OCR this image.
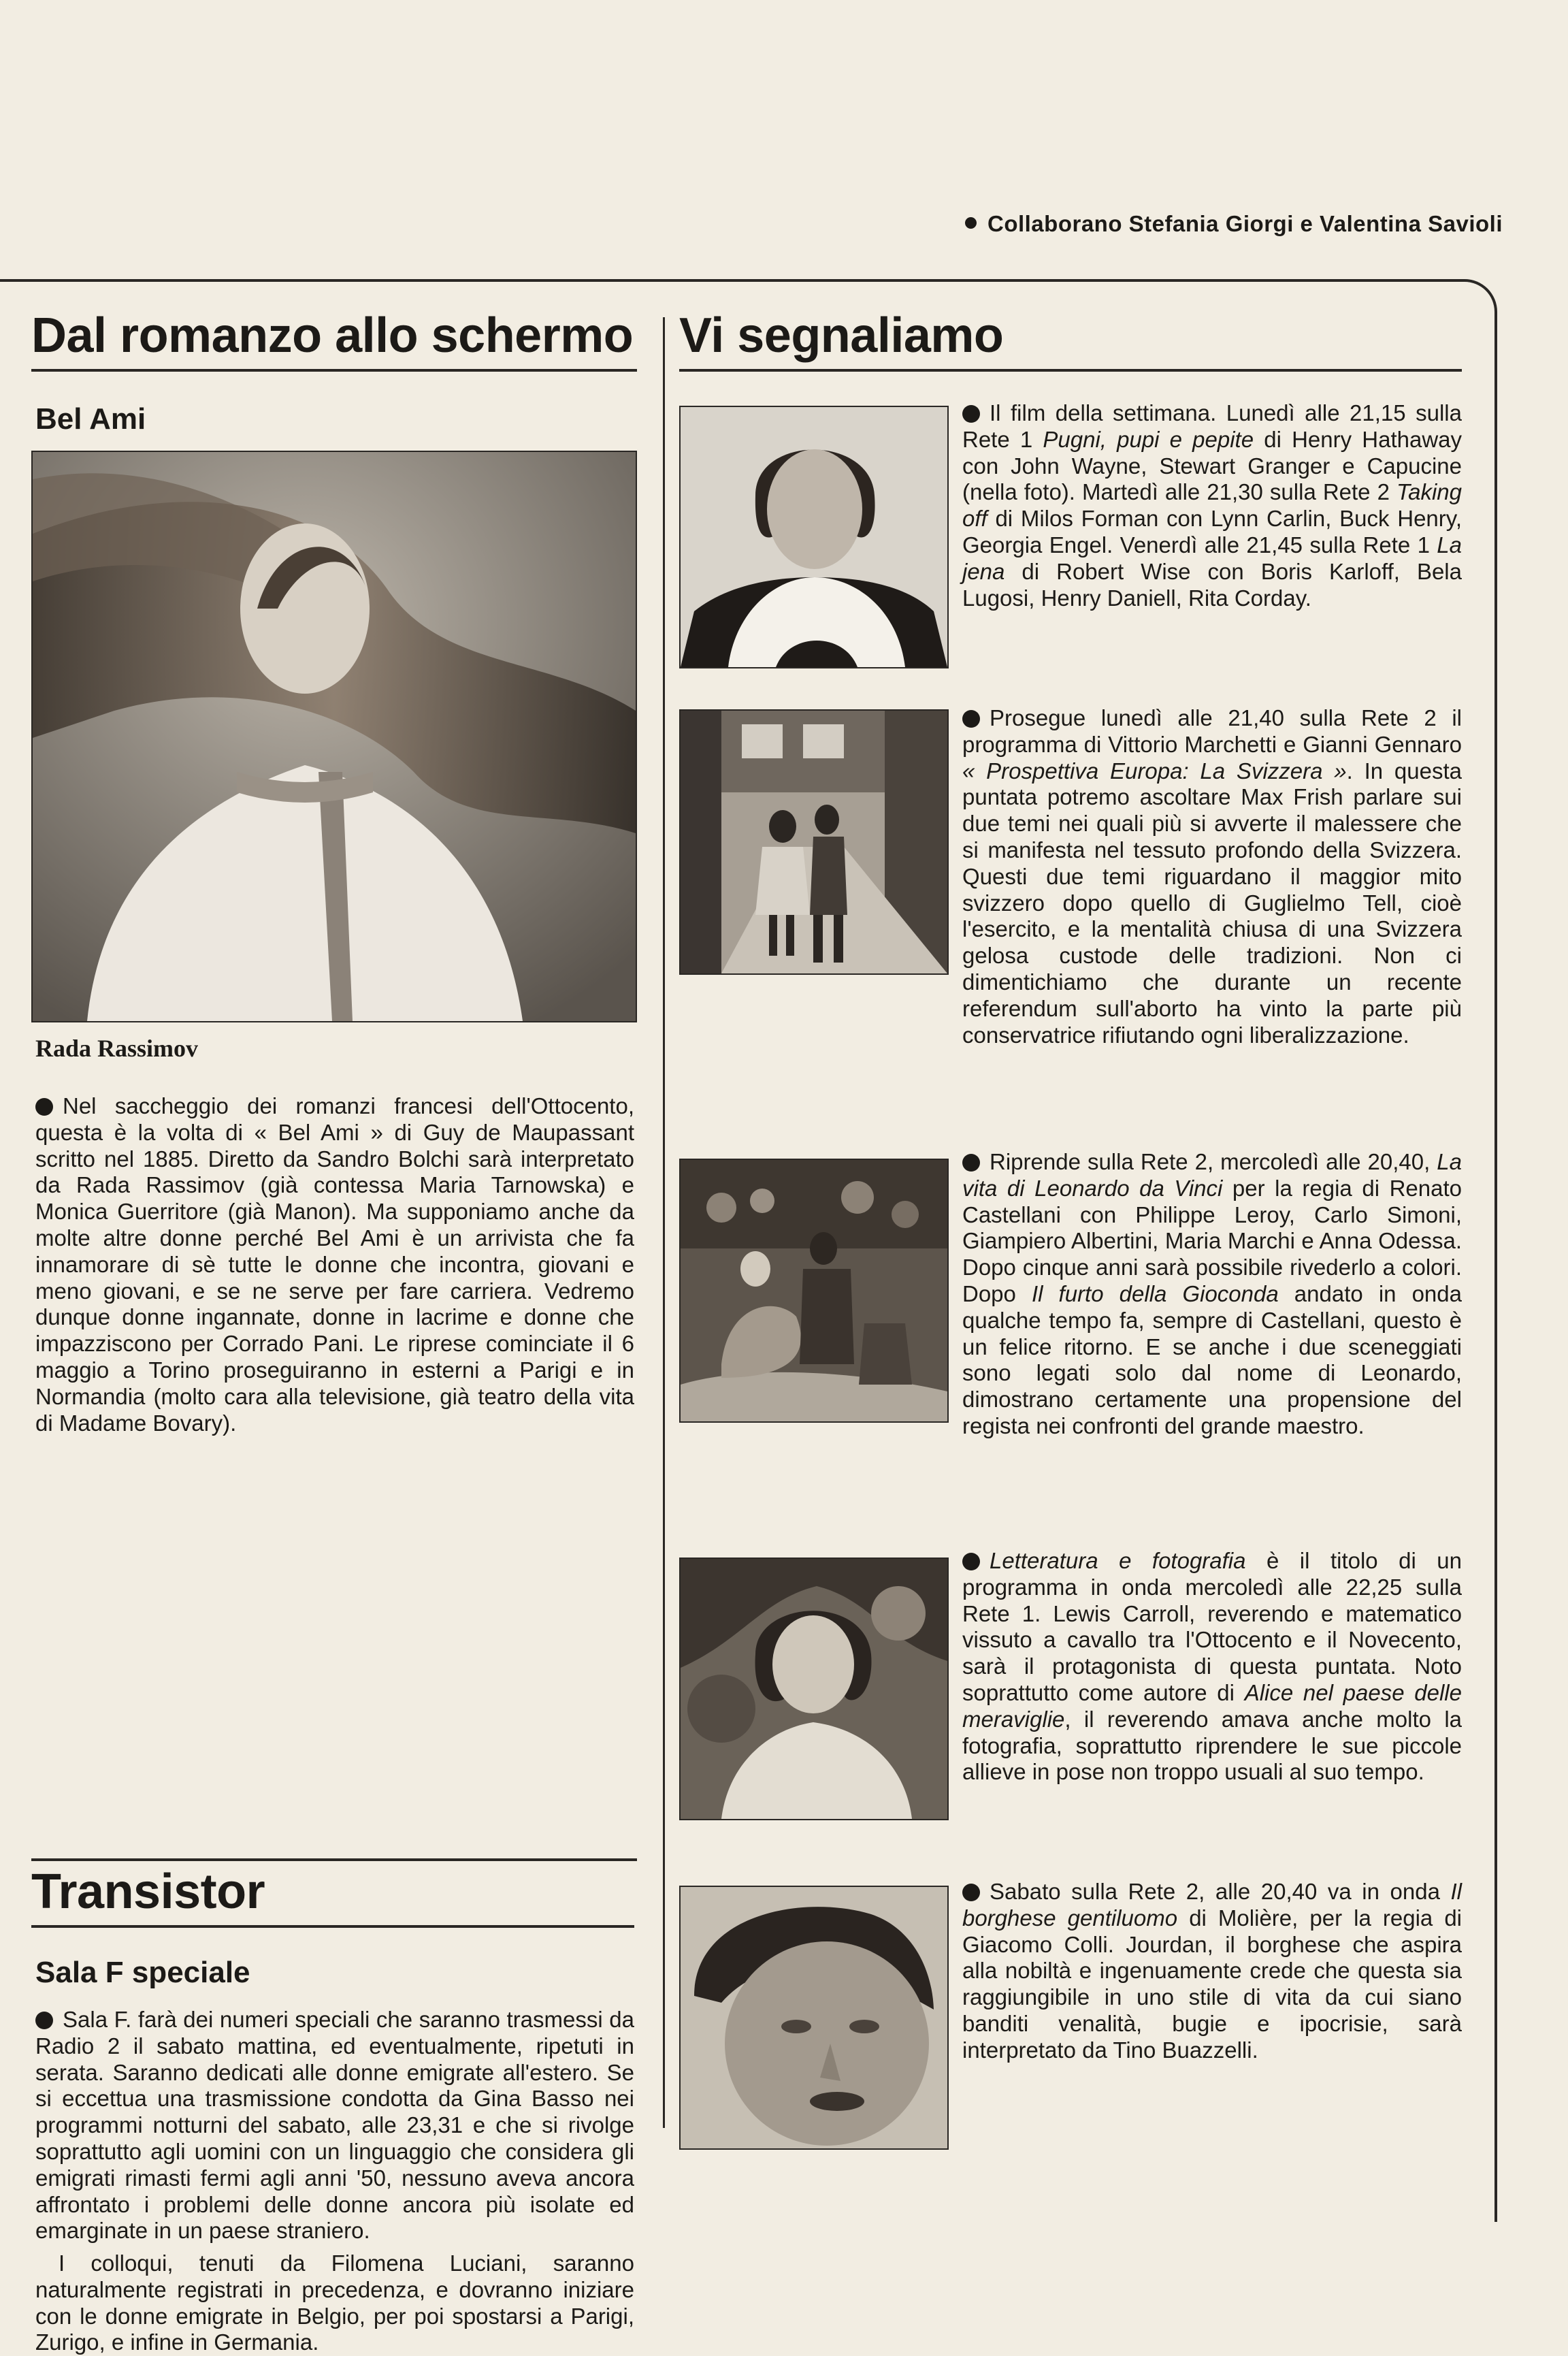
Collaborano Stefania Giorgi e Valentina Savioli
Dal romanzo allo schermo
Bel Ami
Rada Rassimov

Nel saccheggio dei romanzi francesi dell'Ottocento, questa è la volta di « Bel Ami » di Guy de Maupassant scritto nel 1885. Diretto da Sandro Bolchi sarà interpretato da Rada Rassimov (già contessa Maria Tarnowska) e Monica Guerritore (già Manon). Ma supponiamo anche da molte altre donne perché Bel Ami è un arrivista che fa innamorare di sè tutte le donne che incontra, giovani e meno giovani, e se ne serve per fare carriera. Vedremo dunque donne ingannate, donne in lacrime e donne che impazziscono per Corrado Pani. Le riprese cominciate il 6 maggio a Torino proseguiranno in esterni a Parigi e in Normandia (molto cara alla televisione, già teatro della vita di Madame Bovary).

Transistor
Sala F speciale

Sala F. farà dei numeri speciali che saranno trasmessi da Radio 2 il sabato mattina, ed eventualmente, ripetuti in serata. Saranno dedicati alle donne emigrate all'estero. Se si eccettua una trasmissione condotta da Gina Basso nei programmi notturni del sabato, alle 23,31 e che si rivolge soprattutto agli uomini con un linguaggio che considera gli emigrati rimasti fermi agli anni '50, nessuno aveva ancora affrontato i problemi delle donne ancora più isolate ed emarginate in un paese straniero.

I colloqui, tenuti da Filomena Luciani, saranno naturalmente registrati in precedenza, e dovranno iniziare con le donne emigrate in Belgio, per poi spostarsi a Parigi, Zurigo, e infine in Germania.

Vi segnaliamo

Il film della settimana. Lunedì alle 21,15 sulla Rete 1 Pugni, pupi e pepite di Henry Hathaway con John Wayne, Stewart Granger e Capucine (nella foto). Martedì alle 21,30 sulla Rete 2 Taking off di Milos Forman con Lynn Carlin, Buck Henry, Georgia Engel. Venerdì alle 21,45 sulla Rete 1 La jena di Robert Wise con Boris Karloff, Bela Lugosi, Henry Daniell, Rita Corday.

Prosegue lunedì alle 21,40 sulla Rete 2 il programma di Vittorio Marchetti e Gianni Gennaro « Prospettiva Europa: La Svizzera ». In questa puntata potremo ascoltare Max Frish parlare sui due temi nei quali più si avverte il malessere che si manifesta nel tessuto profondo della Svizzera. Questi due temi riguardano il maggior mito svizzero dopo quello di Guglielmo Tell, cioè l'esercito, e la mentalità chiusa di una Svizzera gelosa custode delle tradizioni. Non ci dimentichiamo che durante un recente referendum sull'aborto ha vinto la parte più conservatrice rifiutando ogni liberalizzazione.

Riprende sulla Rete 2, mercoledì alle 20,40, La vita di Leonardo da Vinci per la regia di Renato Castellani con Philippe Leroy, Carlo Simoni, Giampiero Albertini, Maria Marchi e Anna Odessa. Dopo cinque anni sarà possibile rivederlo a colori. Dopo Il furto della Gioconda andato in onda qualche tempo fa, sempre di Castellani, questo è un felice ritorno. E se anche i due sceneggiati sono legati solo dal nome di Leonardo, dimostrano certamente una propensione del regista nei confronti del grande maestro.

Letteratura e fotografia è il titolo di un programma in onda mercoledì alle 22,25 sulla Rete 1. Lewis Carroll, reverendo e matematico vissuto a cavallo tra l'Ottocento e il Novecento, sarà il protagonista di questa puntata. Noto soprattutto come autore di Alice nel paese delle meraviglie, il reverendo amava anche molto la fotografia, soprattutto riprendere le sue piccole allieve in pose non troppo usuali al suo tempo.

Sabato sulla Rete 2, alle 20,40 va in onda Il borghese gentiluomo di Molière, per la regia di Giacomo Colli. Jourdan, il borghese che aspira alla nobiltà e ingenuamente crede che questa sia raggiungibile in uno stile di vita da cui siano banditi venalità, bugie e ipocrisie, sarà interpretato da Tino Buazzelli.
